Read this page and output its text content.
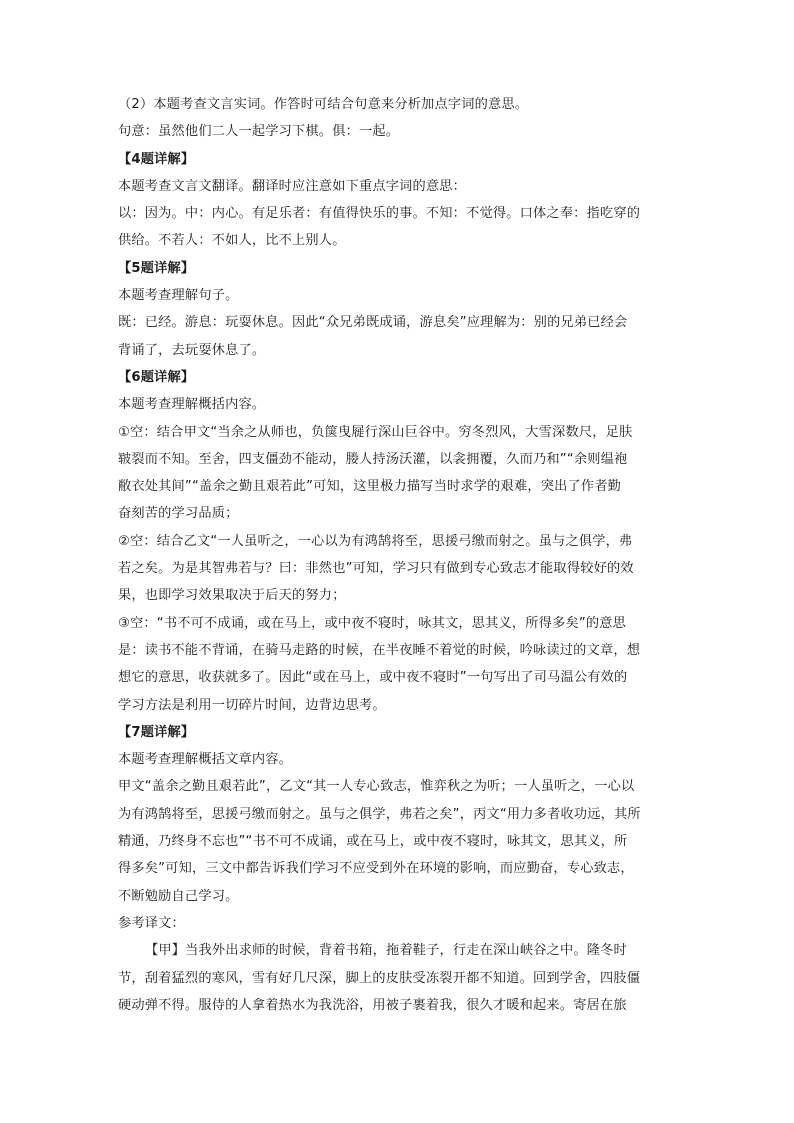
（2）本题考查文言实词。作答时可结合句意来分析加点字词的意思。
句意：虽然他们二人一起学习下棋。俱：一起。
【4题详解】
本题考查文言文翻译。翻译时应注意如下重点字词的意思：
以：因为。中：内心。有足乐者：有值得快乐的事。不知：不觉得。口体之奉：指吃穿的
供给。不若人：不如人，比不上别人。
【5题详解】
本题考查理解句子。
既：已经。游息：玩耍休息。因此“众兄弟既成诵，游息矣”应理解为：别的兄弟已经会
背诵了，去玩耍休息了。
【6题详解】
本题考查理解概括内容。
①空：结合甲文“当余之从师也，负箧曳屣行深山巨谷中。穷冬烈风，大雪深数尺，足肤
皲裂而不知。至舍，四支僵劲不能动，媵人持汤沃灌，以衾拥覆，久而乃和”“余则缊袍
敝衣处其间”“盖余之勤且艰若此”可知，这里极力描写当时求学的艰难，突出了作者勤
奋刻苦的学习品质；
②空：结合乙文“一人虽听之，一心以为有鸿鹄将至，思援弓缴而射之。虽与之俱学，弗
若之矣。为是其智弗若与？曰：非然也”可知，学习只有做到专心致志才能取得较好的效
果，也即学习效果取决于后天的努力；
③空：“书不可不成诵，或在马上，或中夜不寝时，咏其文，思其义，所得多矣”的意思
是：读书不能不背诵，在骑马走路的时候，在半夜睡不着觉的时候，吟咏读过的文章，想
想它的意思，收获就多了。因此“或在马上，或中夜不寝时”一句写出了司马温公有效的
学习方法是利用一切碎片时间，边背边思考。
【7题详解】
本题考查理解概括文章内容。
甲文“盖余之勤且艰若此”，乙文“其一人专心致志，惟弈秋之为听；一人虽听之，一心以
为有鸿鹄将至，思援弓缴而射之。虽与之俱学，弗若之矣”，丙文“用力多者收功远，其所
精通，乃终身不忘也”“书不可不成诵，或在马上，或中夜不寝时，咏其文，思其义，所
得多矣”可知，三文中都告诉我们学习不应受到外在环境的影响，而应勤奋，专心致志，
不断勉励自己学习。
参考译文：
【甲】当我外出求师的时候，背着书箱，拖着鞋子，行走在深山峡谷之中。隆冬时
节，刮着猛烈的寒风，雪有好几尺深，脚上的皮肤受冻裂开都不知道。回到学舍，四肢僵
硬动弹不得。服侍的人拿着热水为我洗浴，用被子裹着我，很久才暖和起来。寄居在旅
